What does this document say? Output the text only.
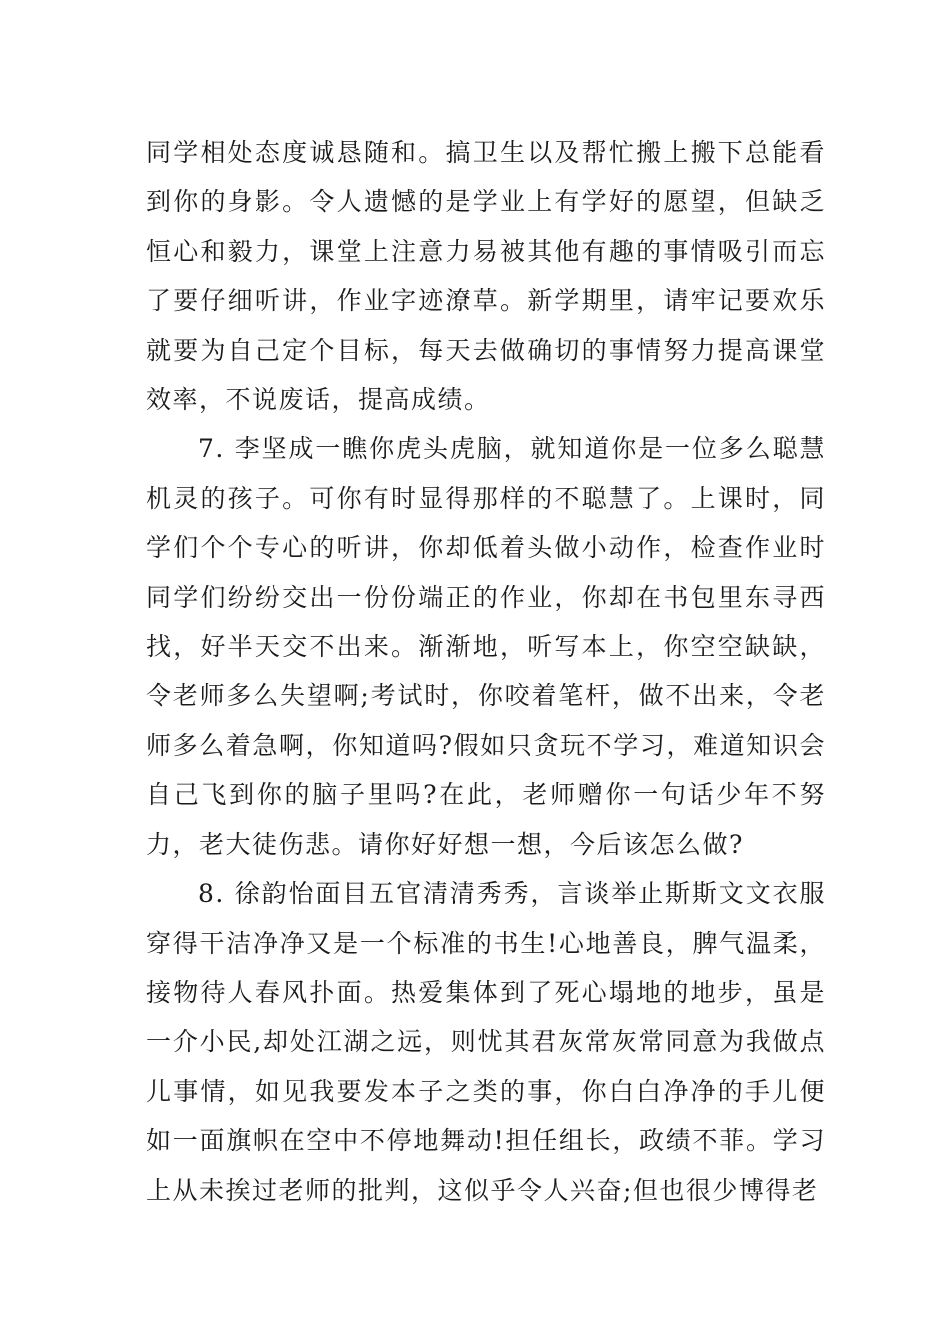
同学相处态度诚恳随和。搞卫生以及帮忙搬上搬下总能看到你的身影。令人遗憾的是学业上有学好的愿望，但缺乏恒心和毅力，课堂上注意力易被其他有趣的事情吸引而忘了要仔细听讲，作业字迹潦草。新学期里，请牢记要欢乐就要为自己定个目标，每天去做确切的事情努力提高课堂效率，不说废话，提高成绩。

7. 李坚成一瞧你虎头虎脑，就知道你是一位多么聪慧机灵的孩子。可你有时显得那样的不聪慧了。上课时，同学们个个专心的听讲，你却低着头做小动作，检查作业时同学们纷纷交出一份份端正的作业，你却在书包里东寻西找，好半天交不出来。渐渐地，听写本上，你空空缺缺，令老师多么失望啊;考试时，你咬着笔杆，做不出来，令老师多么着急啊，你知道吗?假如只贪玩不学习，难道知识会自己飞到你的脑子里吗?在此，老师赠你一句话少年不努力，老大徒伤悲。请你好好想一想，今后该怎么做?

8. 徐韵怡面目五官清清秀秀，言谈举止斯斯文文衣服穿得干洁净净又是一个标准的书生!心地善良，脾气温柔，接物待人春风扑面。热爱集体到了死心塌地的地步，虽是一介小民,却处江湖之远，则忧其君灰常灰常同意为我做点儿事情，如见我要发本子之类的事，你白白净净的手儿便如一面旗帜在空中不停地舞动!担任组长，政绩不菲。学习上从未挨过老师的批判，这似乎令人兴奋;但也很少博得老
